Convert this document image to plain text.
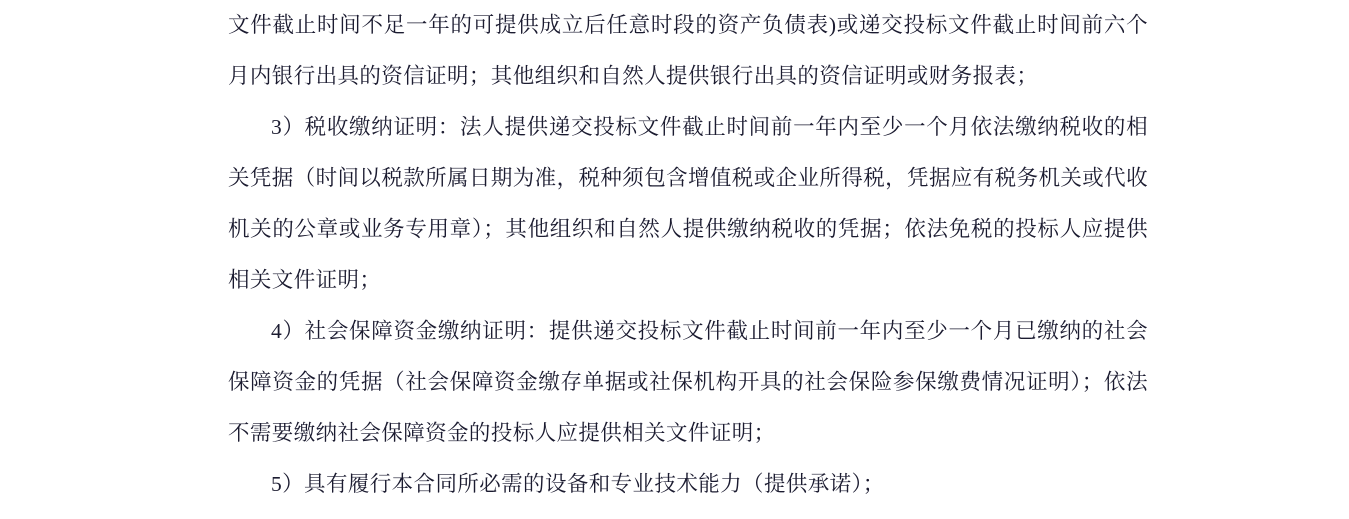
文件截止时间不足一年的可提供成立后任意时段的资产负债表)或递交投标文件截止时间前六个月内银行出具的资信证明；其他组织和自然人提供银行出具的资信证明或财务报表；

3）税收缴纳证明：法人提供递交投标文件截止时间前一年内至少一个月依法缴纳税收的相关凭据（时间以税款所属日期为准，税种须包含增值税或企业所得税，凭据应有税务机关或代收机关的公章或业务专用章）；其他组织和自然人提供缴纳税收的凭据；依法免税的投标人应提供相关文件证明；

4）社会保障资金缴纳证明：提供递交投标文件截止时间前一年内至少一个月已缴纳的社会保障资金的凭据（社会保障资金缴存单据或社保机构开具的社会保险参保缴费情况证明）；依法不需要缴纳社会保障资金的投标人应提供相关文件证明；

5）具有履行本合同所必需的设备和专业技术能力（提供承诺）；
